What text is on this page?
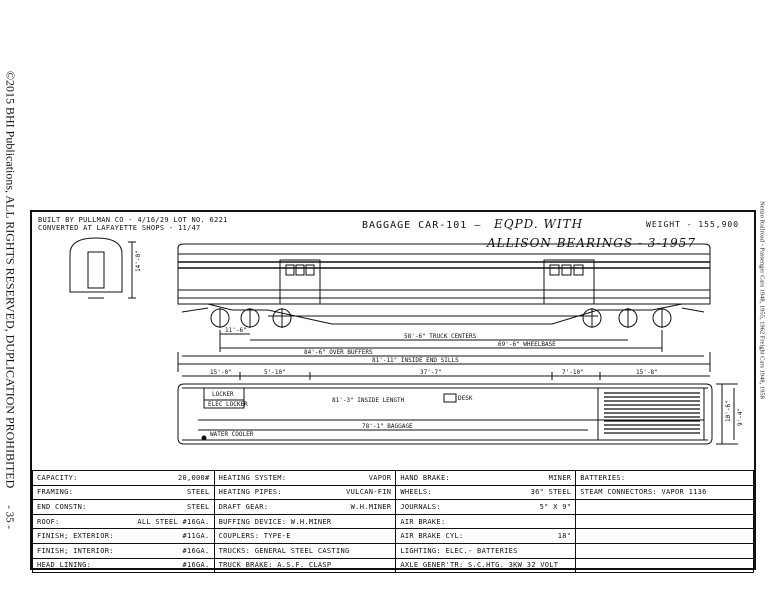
©2015 BHI Publications, ALL RIGHTS RESERVED, DUPLICATION PROHIBITED - 35 -
Nenzo Railroad - Passenger Cars 1948, 1955, 1962 Freight Cars 1948, 1958
BUILT BY PULLMAN CO - 4/16/29 LOT NO. 6221
CONVERTED AT LAFAYETTE SHOPS - 11/47	BAGGAGE CAR-101 — EQPD. WITH
ALLISON BEARINGS - 3-1957
WEIGHT - 155,900
14'-0"
11'-6"
58'-6" TRUCK CENTERS
69'-6" WHEELBASE
84'-6" OVER BUFFERS
81'-11" INSIDE END SILLS
15'-0"	5'-10"	37'-7"	7'-10"	15'-8"
LOCKER
ELEC LOCKER
81'-3" INSIDE LENGTH	DESK
78'-1" BAGGAGE
WATER COOLER
10'-6" 9'-4"
CAPACITY: 20,000#	HEATING SYSTEM: VAPOR	HAND BRAKE: MINER	BATTERIES:

FRAMING: STEEL	HEATING PIPES: VULCAN-FIN	WHEELS: 36" STEEL	STEAM CONNECTORS: VAPOR 1136

END CONSTN: STEEL	DRAFT GEAR: W.H.MINER	JOURNALS: 5" X 9"	

ROOF: ALL STEEL #16GA.	BUFFING DEVICE: W.H.MINER	AIR BRAKE:	

FINISH; EXTERIOR: #11GA.	COUPLERS: TYPE-E	AIR BRAKE CYL: 18"	

FINISH; INTERIOR: #16GA.	TRUCKS: GENERAL STEEL CASTING	LIGHTING: ELEC.- BATTERIES	

HEAD LINING: #16GA.	TRUCK BRAKE: A.S.F. CLASP	AXLE GENER'TR: S.C.HTG. 3KW 32 VOLT	
